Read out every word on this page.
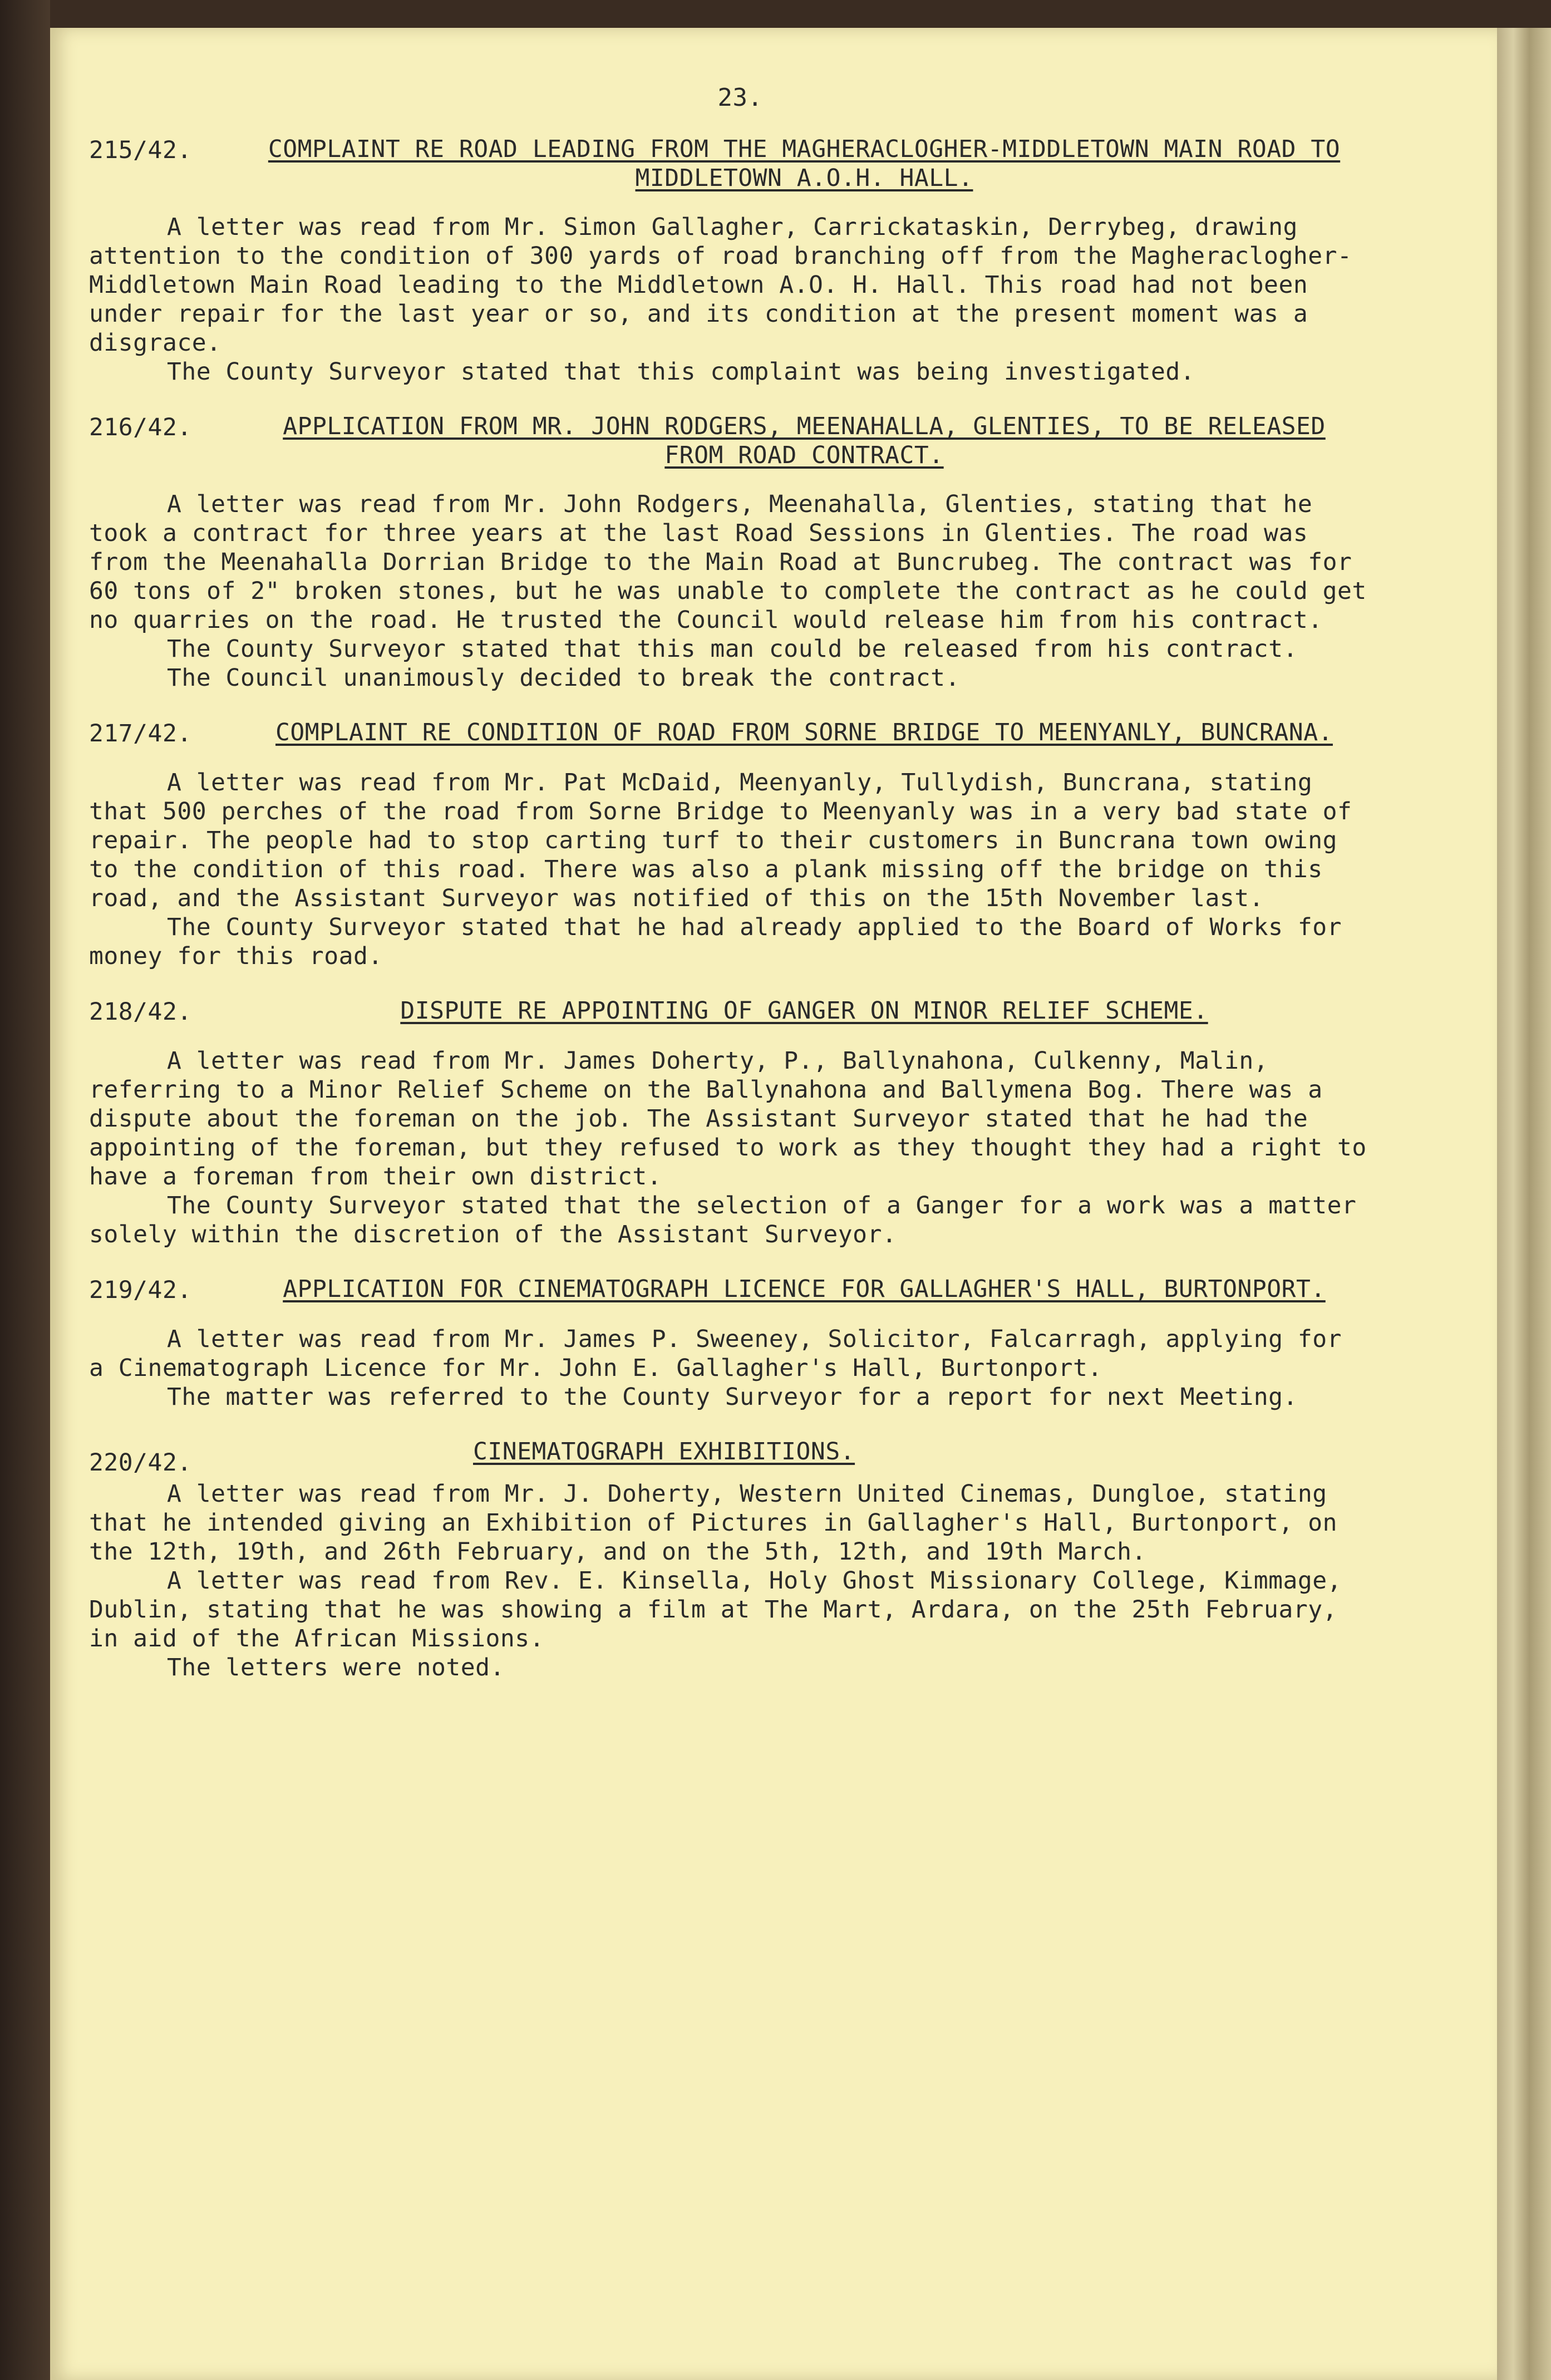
23.
215/42.	COMPLAINT RE ROAD LEADING FROM THE MAGHERACLOGHER-MIDDLETOWN MAIN ROAD TO MIDDLETOWN A.O.H. HALL.

A letter was read from Mr. Simon Gallagher, Carrickataskin, Derrybeg, drawing attention to the condition of 300 yards of road branching off from the Magheraclogher-Middletown Main Road leading to the Middletown A.O. H. Hall. This road had not been under repair for the last year or so, and its condition at the present moment was a disgrace.

The County Surveyor stated that this complaint was being investigated.

216/42.	APPLICATION FROM MR. JOHN RODGERS, MEENAHALLA, GLENTIES, TO BE RELEASED FROM ROAD CONTRACT.

A letter was read from Mr. John Rodgers, Meenahalla, Glenties, stating that he took a contract for three years at the last Road Sessions in Glenties. The road was from the Meenahalla Dorrian Bridge to the Main Road at Buncrubeg. The contract was for 60 tons of 2" broken stones, but he was unable to complete the contract as he could get no quarries on the road. He trusted the Council would release him from his contract.

The County Surveyor stated that this man could be released from his contract.

The Council unanimously decided to break the contract.

217/42.	COMPLAINT RE CONDITION OF ROAD FROM SORNE BRIDGE TO MEENYANLY, BUNCRANA.

A letter was read from Mr. Pat McDaid, Meenyanly, Tullydish, Buncrana, stating that 500 perches of the road from Sorne Bridge to Meenyanly was in a very bad state of repair. The people had to stop carting turf to their customers in Buncrana town owing to the condition of this road. There was also a plank missing off the bridge on this road, and the Assistant Surveyor was notified of this on the 15th November last.

The County Surveyor stated that he had already applied to the Board of Works for money for this road.

218/42.	DISPUTE RE APPOINTING OF GANGER ON MINOR RELIEF SCHEME.

A letter was read from Mr. James Doherty, P., Ballynahona, Culkenny, Malin, referring to a Minor Relief Scheme on the Ballynahona and Ballymena Bog. There was a dispute about the foreman on the job. The Assistant Surveyor stated that he had the appointing of the foreman, but they refused to work as they thought they had a right to have a foreman from their own district.

The County Surveyor stated that the selection of a Ganger for a work was a matter solely within the discretion of the Assistant Surveyor.

219/42.	APPLICATION FOR CINEMATOGRAPH LICENCE FOR GALLAGHER'S HALL, BURTONPORT.

A letter was read from Mr. James P. Sweeney, Solicitor, Falcarragh, applying for a Cinematograph Licence for Mr. John E. Gallagher's Hall, Burtonport.

The matter was referred to the County Surveyor for a report for next Meeting.

220/42.	CINEMATOGRAPH EXHIBITIONS.

A letter was read from Mr. J. Doherty, Western United Cinemas, Dungloe, stating that he intended giving an Exhibition of Pictures in Gallagher's Hall, Burtonport, on the 12th, 19th, and 26th February, and on the 5th, 12th, and 19th March.

A letter was read from Rev. E. Kinsella, Holy Ghost Missionary College, Kimmage, Dublin, stating that he was showing a film at The Mart, Ardara, on the 25th February, in aid of the African Missions.

The letters were noted.
